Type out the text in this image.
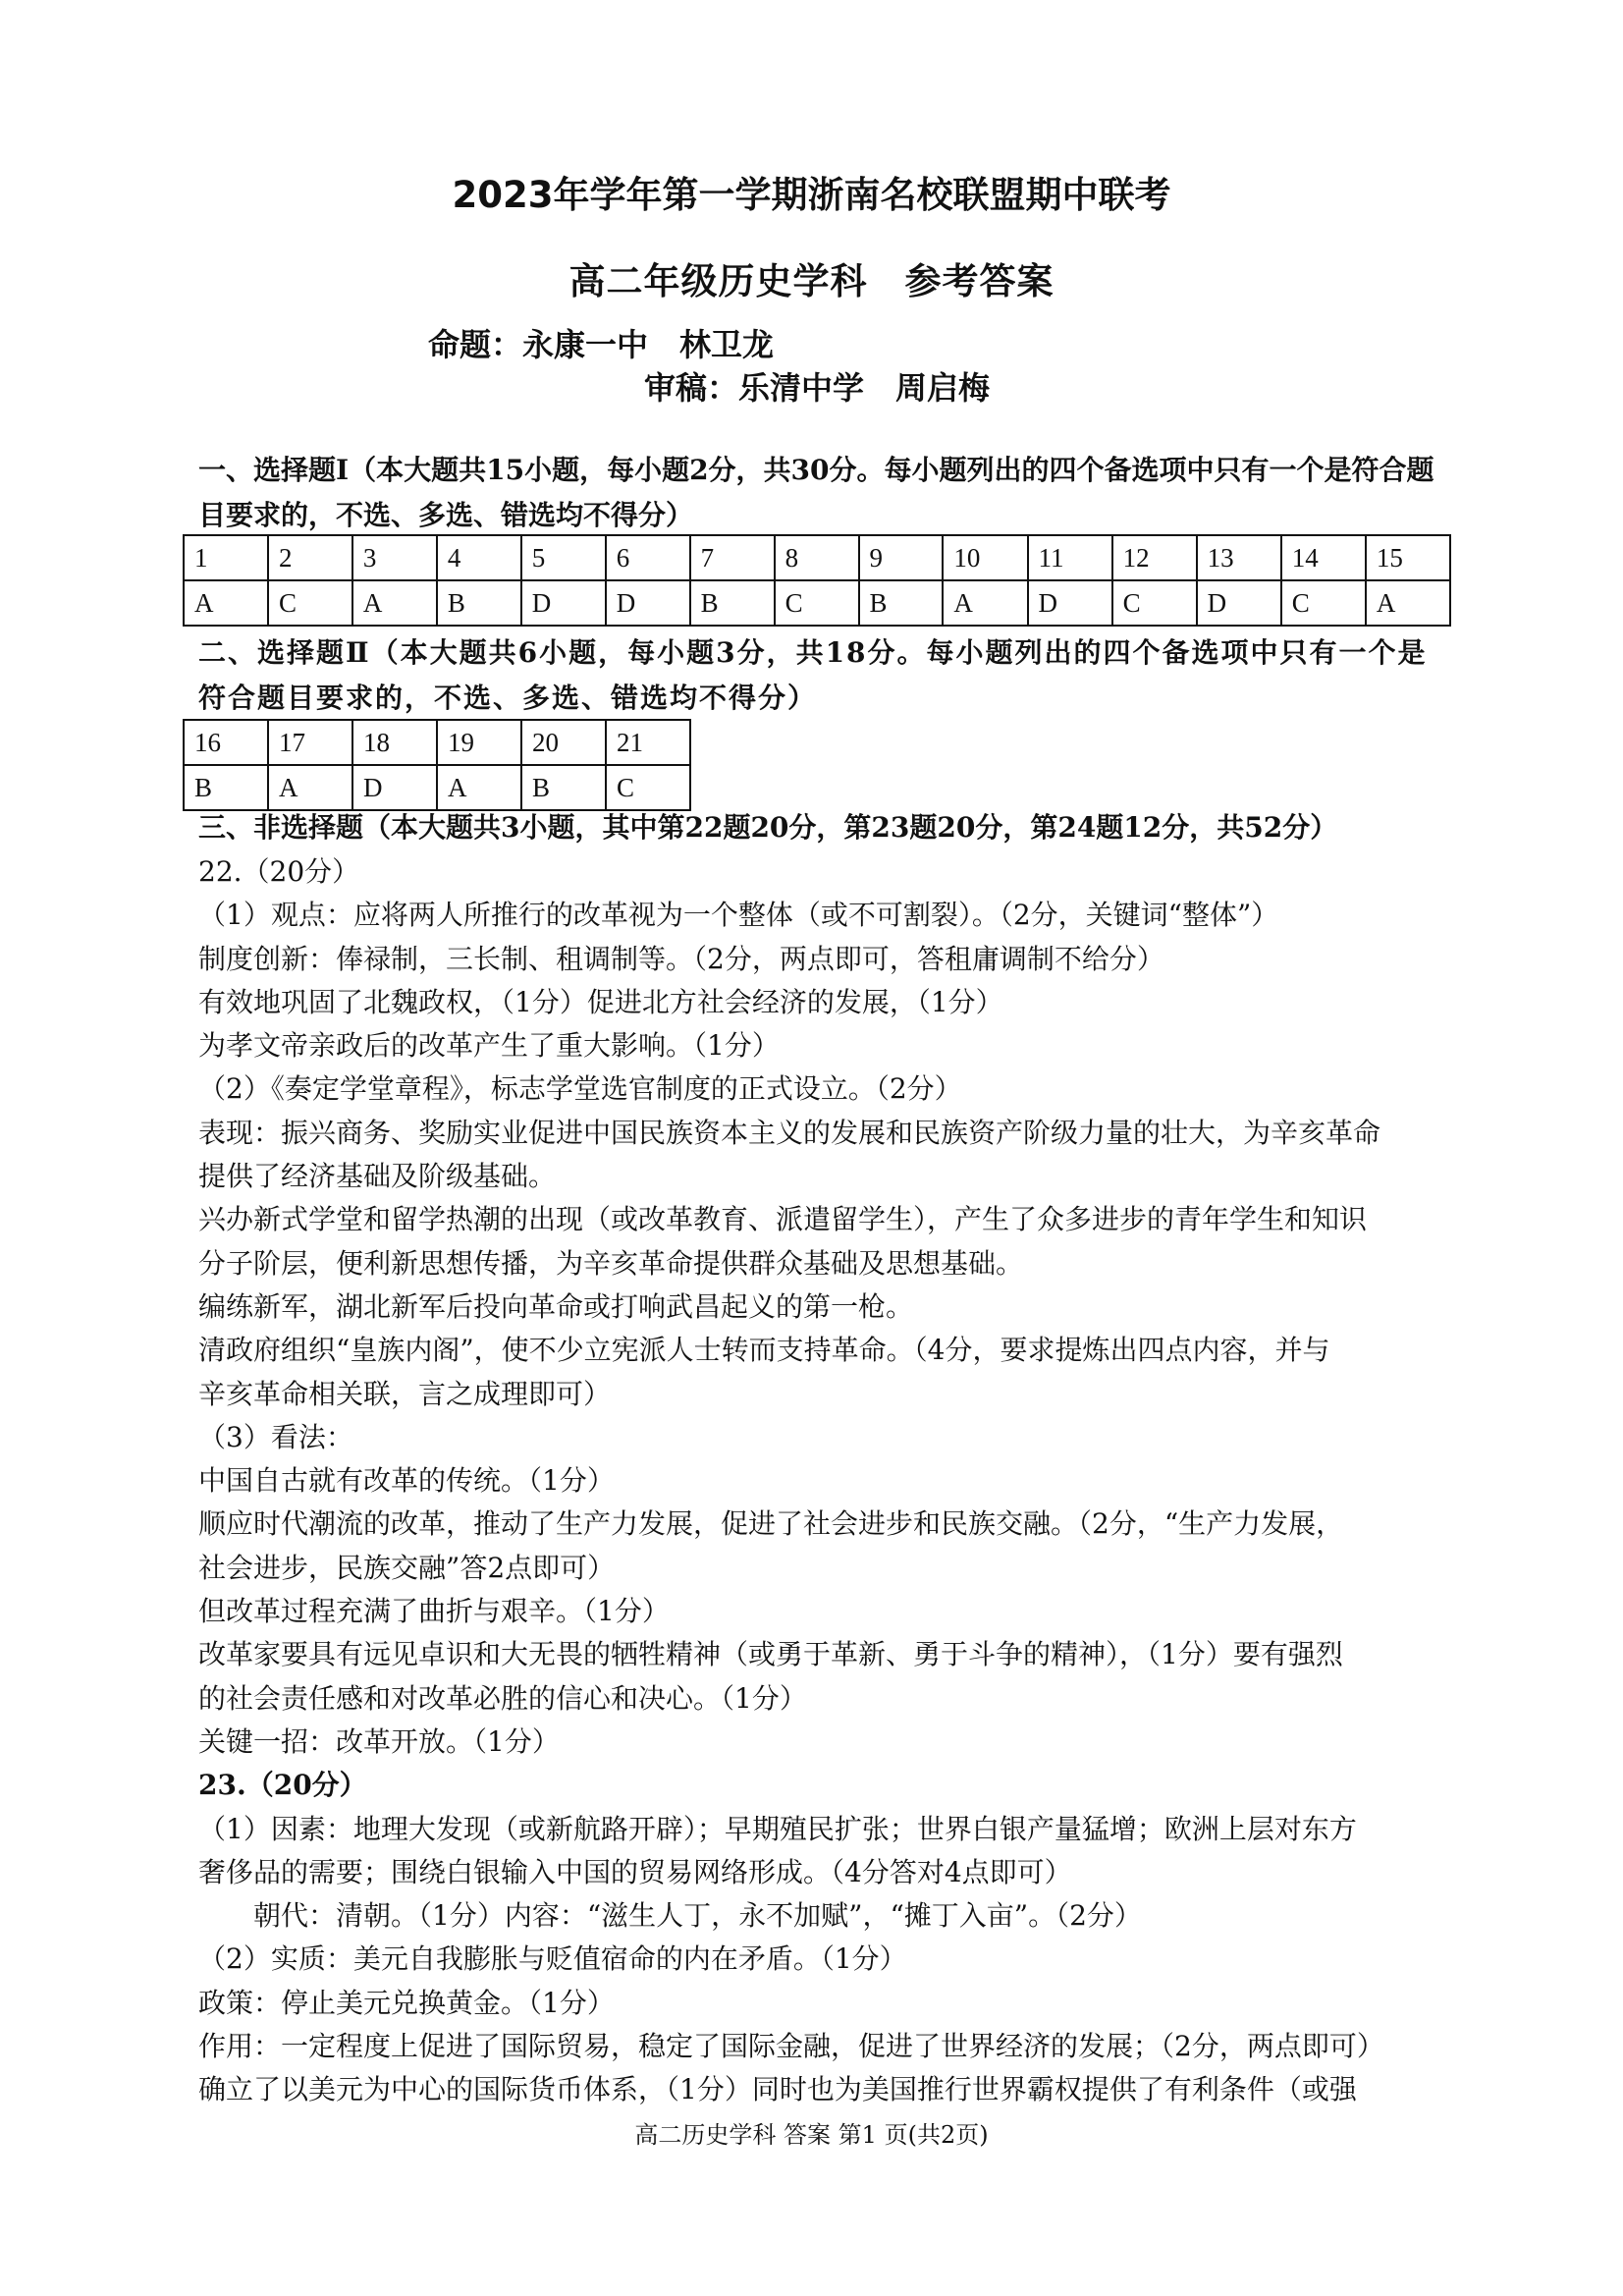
2023年学年第一学期浙南名校联盟期中联考
高二年级历史学科　参考答案
命题：永康一中　林卫龙
审稿：乐清中学　周启梅
一、选择题Ⅰ（本大题共15小题，每小题2分，共30分。每小题列出的四个备选项中只有一个是符合题目要求的，不选、多选、错选均不得分）
1	2	3	4	5	6	7	8	9	10	11	12	13	14	15
A	C	A	B	D	D	B	C	B	A	D	C	D	C	A
二、选择题Ⅱ（本大题共6小题，每小题3分，共18分。每小题列出的四个备选项中只有一个是符合题目要求的，不选、多选、错选均不得分）
16	17	18	19	20	21
B	A	D	A	B	C
三、非选择题（本大题共3小题，其中第22题20分，第23题20分，第24题12分，共52分）

22.（20分）

（1）观点：应将两人所推行的改革视为一个整体（或不可割裂）。（2分，关键词“整体”）

制度创新：俸禄制，三长制、租调制等。（2分，两点即可，答租庸调制不给分）

有效地巩固了北魏政权，（1分）促进北方社会经济的发展，（1分）

为孝文帝亲政后的改革产生了重大影响。（1分）

（2）《奏定学堂章程》，标志学堂选官制度的正式设立。（2分）

表现：振兴商务、奖励实业促进中国民族资本主义的发展和民族资产阶级力量的壮大，为辛亥革命

提供了经济基础及阶级基础。

兴办新式学堂和留学热潮的出现（或改革教育、派遣留学生），产生了众多进步的青年学生和知识

分子阶层，便利新思想传播，为辛亥革命提供群众基础及思想基础。

编练新军，湖北新军后投向革命或打响武昌起义的第一枪。

清政府组织“皇族内阁”，使不少立宪派人士转而支持革命。（4分，要求提炼出四点内容，并与

辛亥革命相关联，言之成理即可）

（3）看法：

中国自古就有改革的传统。（1分）

顺应时代潮流的改革，推动了生产力发展，促进了社会进步和民族交融。（2分，“生产力发展，

社会进步，民族交融”答2点即可）

但改革过程充满了曲折与艰辛。（1分）

改革家要具有远见卓识和大无畏的牺牲精神（或勇于革新、勇于斗争的精神），（1分）要有强烈

的社会责任感和对改革必胜的信心和决心。（1分）

关键一招：改革开放。（1分）

23.（20分）

（1）因素：地理大发现（或新航路开辟）；早期殖民扩张；世界白银产量猛增；欧洲上层对东方

奢侈品的需要；围绕白银输入中国的贸易网络形成。（4分答对4点即可）

朝代：清朝。（1分）内容：“滋生人丁，永不加赋”，“摊丁入亩”。（2分）

（2）实质：美元自我膨胀与贬值宿命的内在矛盾。（1分）

政策：停止美元兑换黄金。（1分）

作用：一定程度上促进了国际贸易，稳定了国际金融，促进了世界经济的发展；（2分，两点即可）

确立了以美元为中心的国际货币体系，（1分）同时也为美国推行世界霸权提供了有利条件（或强

高二历史学科 答案 第1 页(共2页)
